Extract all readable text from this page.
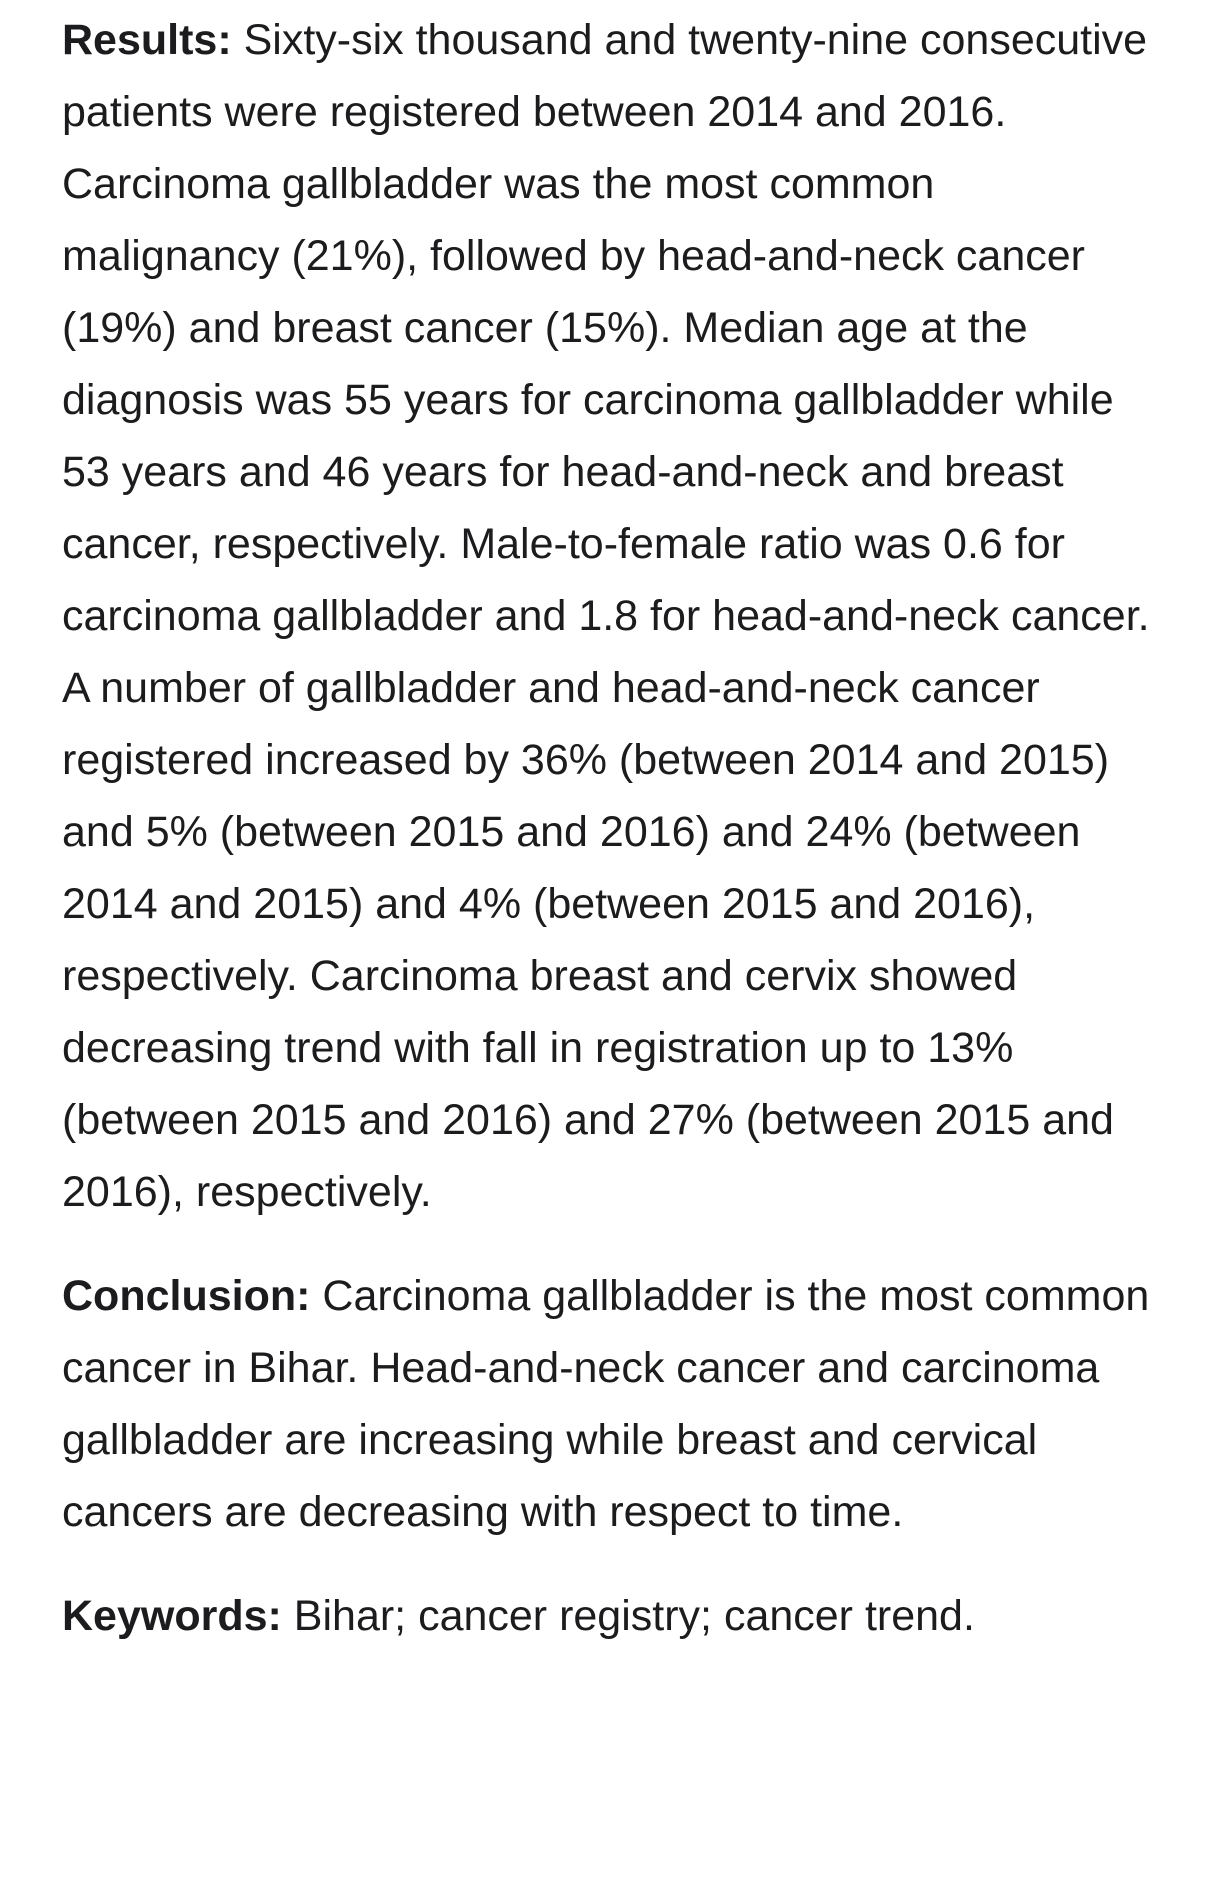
Results: Sixty-six thousand and twenty-nine consecutive patients were registered between 2014 and 2016. Carcinoma gallbladder was the most common malignancy (21%), followed by head-and-neck cancer (19%) and breast cancer (15%). Median age at the diagnosis was 55 years for carcinoma gallbladder while 53 years and 46 years for head-and-neck and breast cancer, respectively. Male-to-female ratio was 0.6 for carcinoma gallbladder and 1.8 for head-and-neck cancer. A number of gallbladder and head-and-neck cancer registered increased by 36% (between 2014 and 2015) and 5% (between 2015 and 2016) and 24% (between 2014 and 2015) and 4% (between 2015 and 2016), respectively. Carcinoma breast and cervix showed decreasing trend with fall in registration up to 13% (between 2015 and 2016) and 27% (between 2015 and 2016), respectively.

Conclusion: Carcinoma gallbladder is the most common cancer in Bihar. Head-and-neck cancer and carcinoma gallbladder are increasing while breast and cervical cancers are decreasing with respect to time.

Keywords: Bihar; cancer registry; cancer trend.
